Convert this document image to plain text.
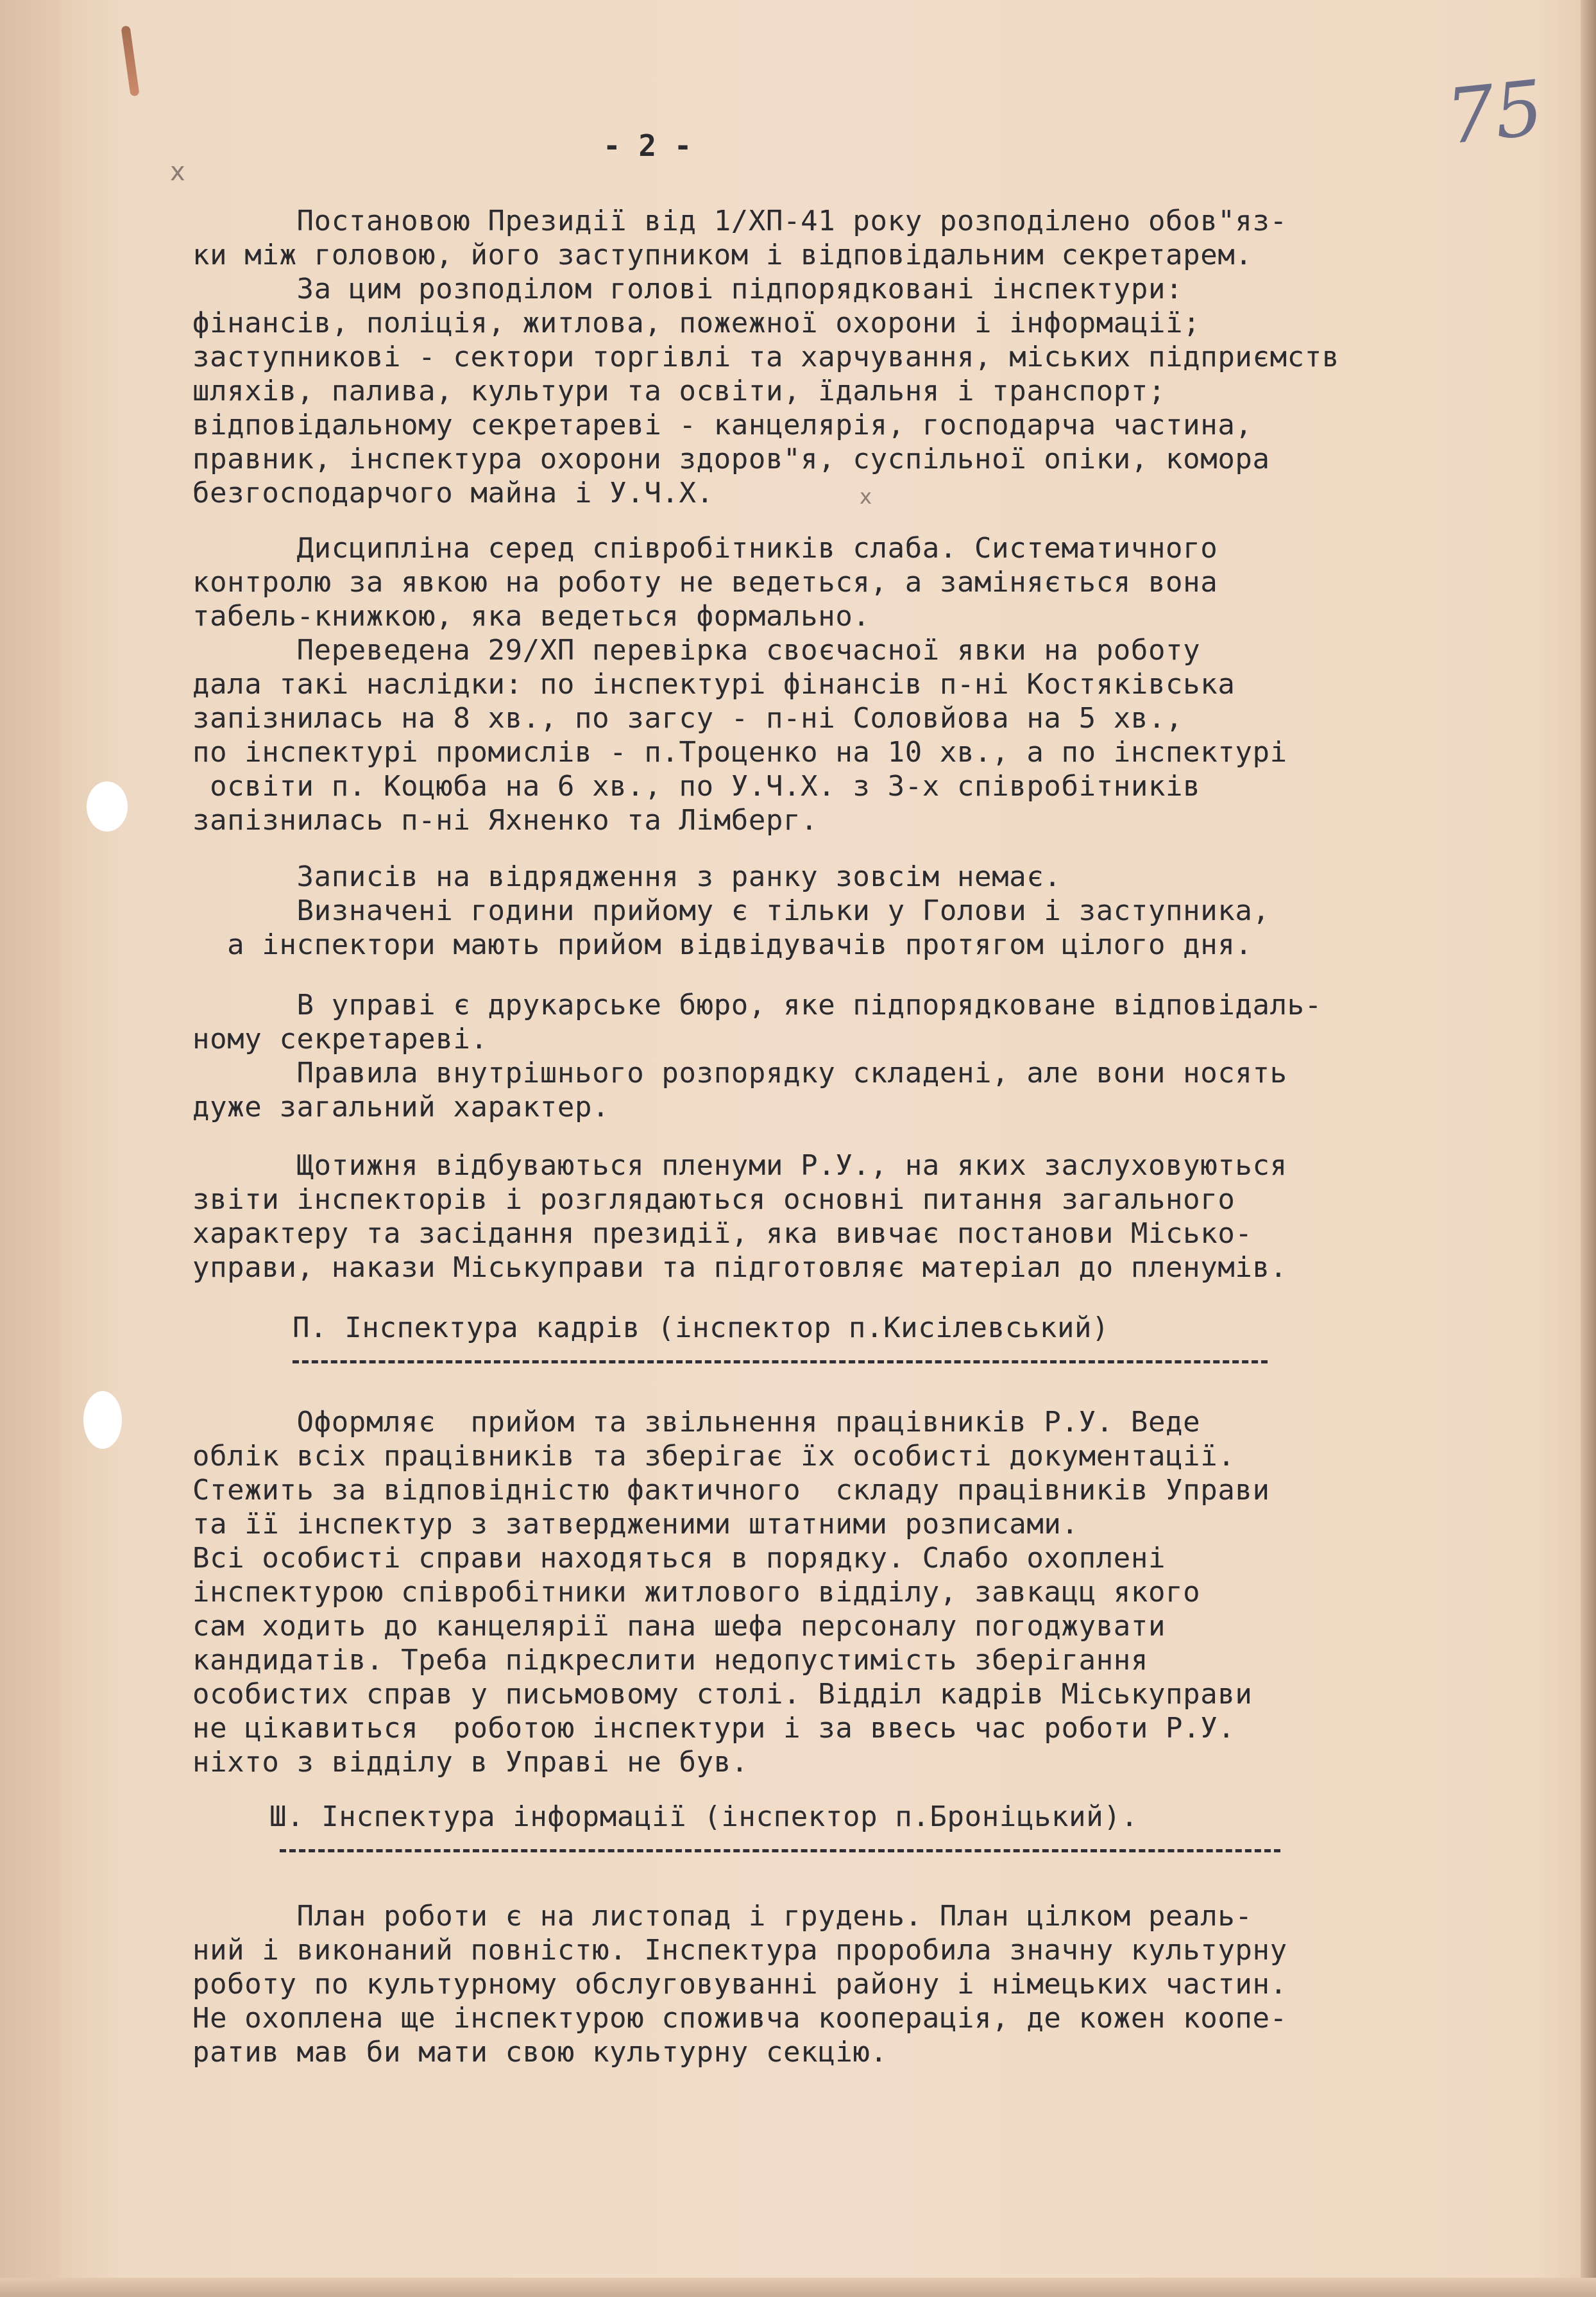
75
x
x
- 2 -
Постановою Президії від 1/ХП-41 року розподілено обов"яз-
ки між головою, його заступником і відповідальним секретарем.
За цим розподілом голові підпорядковані інспектури:
фінансів, поліція, житлова, пожежної охорони і інформації;
заступникові - сектори торгівлі та харчування, міських підприємств
шляхів, палива, культури та освіти, їдальня і транспорт;
відповідальному секретареві - канцелярія, господарча частина,
правник, інспектура охорони здоров"я, суспільної опіки, комора
безгосподарчого майна і У.Ч.Х.
Дисципліна серед співробітників слаба. Систематичного
контролю за явкою на роботу не ведеться, а заміняється вона
табель-книжкою, яка ведеться формально.
Переведена 29/ХП перевірка своєчасної явки на роботу
дала такі наслідки: по інспектурі фінансів п-ні Костяківська
запізнилась на 8 хв., по загсу - п-ні Соловйова на 5 хв.,
по інспектурі промислів - п.Троценко на 10 хв., а по інспектурі
освіти п. Коцюба на 6 хв., по У.Ч.Х. з 3-х співробітників
запізнилась п-ні Яхненко та Лімберг.
Записів на відрядження з ранку зовсім немає.
Визначені години прийому є тільки у Голови і заступника,
а інспектори мають прийом відвідувачів протягом цілого дня.
В управі є друкарське бюро, яке підпорядковане відповідаль-
ному секретареві.
Правила внутрішнього розпорядку складені, але вони носять
дуже загальний характер.
Щотижня відбуваються пленуми Р.У., на яких заслуховуються
звіти інспекторів і розглядаються основні питання загального
характеру та засідання президії, яка вивчає постанови Місько-
управи, накази Міськуправи та підготовляє матеріал до пленумів.
П. Інспектура кадрів (інспектор п.Кисілевський)
Оформляє  прийом та звільнення працівників Р.У. Веде
облік всіх працівників та зберігає їх особисті документації.
Стежить за відповідністю фактичного  складу працівників Управи
та її інспектур з затвердженими штатними розписами.
Всі особисті справи находяться в порядку. Слабо охоплені
інспектурою співробітники житлового відділу, завкацц якого
сам ходить до канцелярії пана шефа персоналу погоджувати
кандидатів. Треба підкреслити недопустимість зберігання
особистих справ у письмовому столі. Відділ кадрів Міськуправи
не цікавиться  роботою інспектури і за ввесь час роботи Р.У.
ніхто з відділу в Управі не був.
Ш. Інспектура інформації (інспектор п.Броніцький).
План роботи є на листопад і грудень. План цілком реаль-
ний і виконаний повністю. Інспектура проробила значну культурну
роботу по культурному обслуговуванні району і німецьких частин.
Не охоплена ще інспектурою споживча кооперація, де кожен коопе-
ратив мав би мати свою культурну секцію.
